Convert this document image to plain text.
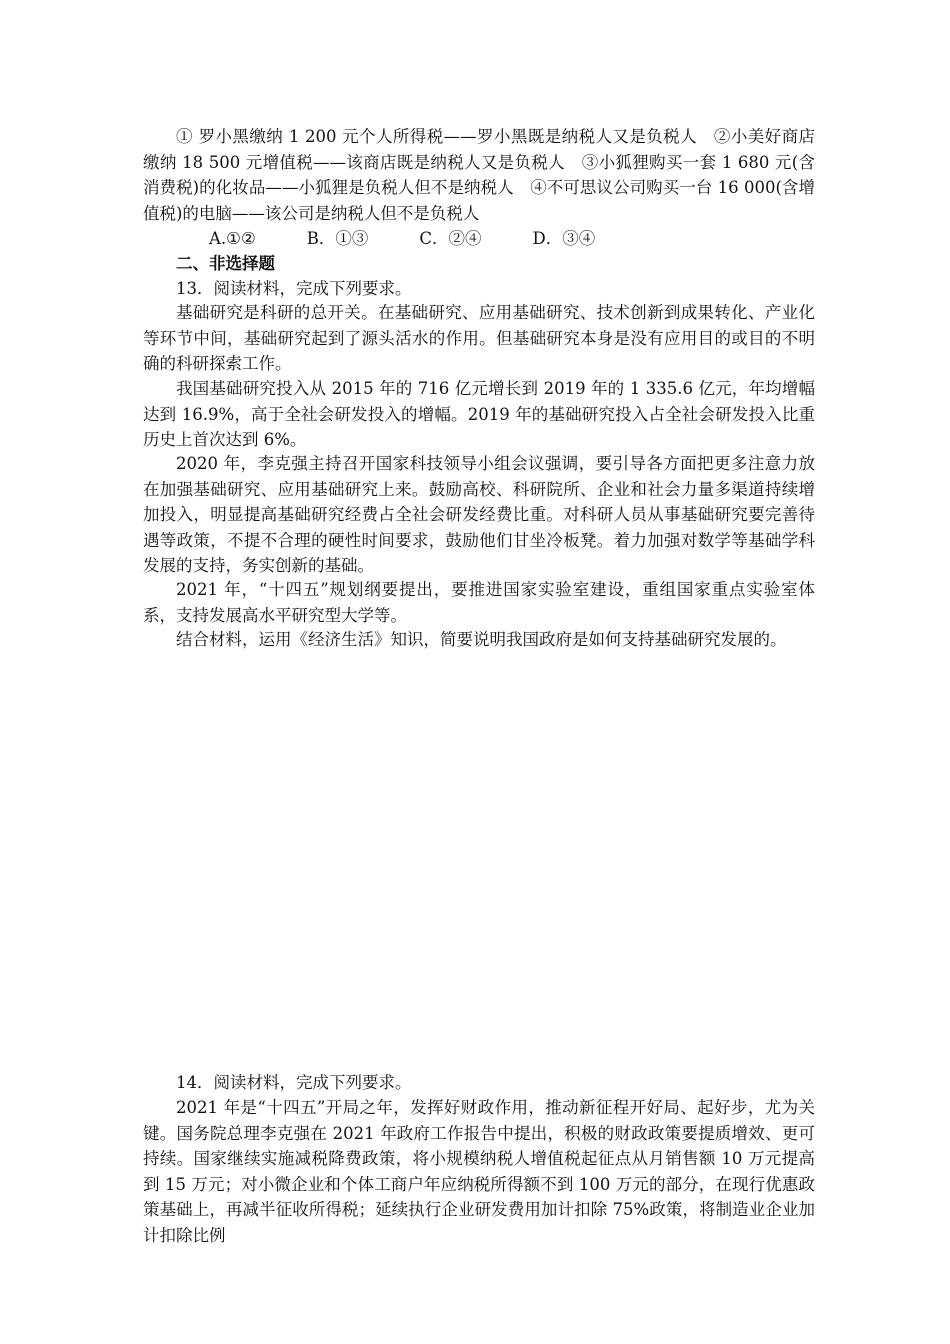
① 罗小黑缴纳 1 200 元个人所得税——罗小黑既是纳税人又是负税人　②小美好商店缴纳 18 500 元增值税——该商店既是纳税人又是负税人　③小狐狸购买一套 1 680 元(含消费税)的化妆品——小狐狸是负税人但不是纳税人　④不可思议公司购买一台 16 000(含增值税)的电脑——该公司是纳税人但不是负税人

A.①②	B．①③	C．②④	D．③④

二、非选择题

13．阅读材料，完成下列要求。

基础研究是科研的总开关。在基础研究、应用基础研究、技术创新到成果转化、产业化等环节中间，基础研究起到了源头活水的作用。但基础研究本身是没有应用目的或目的不明确的科研探索工作。

我国基础研究投入从 2015 年的 716 亿元增长到 2019 年的 1 335.6 亿元，年均增幅达到 16.9%，高于全社会研发投入的增幅。2019 年的基础研究投入占全社会研发投入比重历史上首次达到 6%。

2020 年，李克强主持召开国家科技领导小组会议强调，要引导各方面把更多注意力放在加强基础研究、应用基础研究上来。鼓励高校、科研院所、企业和社会力量多渠道持续增加投入，明显提高基础研究经费占全社会研发经费比重。对科研人员从事基础研究要完善待遇等政策，不提不合理的硬性时间要求，鼓励他们甘坐冷板凳。着力加强对数学等基础学科发展的支持，务实创新的基础。

2021 年，“十四五”规划纲要提出，要推进国家实验室建设，重组国家重点实验室体系，支持发展高水平研究型大学等。

结合材料，运用《经济生活》知识，简要说明我国政府是如何支持基础研究发展的。

14．阅读材料，完成下列要求。

2021 年是“十四五”开局之年，发挥好财政作用，推动新征程开好局、起好步，尤为关键。国务院总理李克强在 2021 年政府工作报告中提出，积极的财政政策要提质增效、更可持续。国家继续实施减税降费政策，将小规模纳税人增值税起征点从月销售额 10 万元提高到 15 万元；对小微企业和个体工商户年应纳税所得额不到 100 万元的部分，在现行优惠政策基础上，再减半征收所得税；延续执行企业研发费用加计扣除 75%政策，将制造业企业加计扣除比例
